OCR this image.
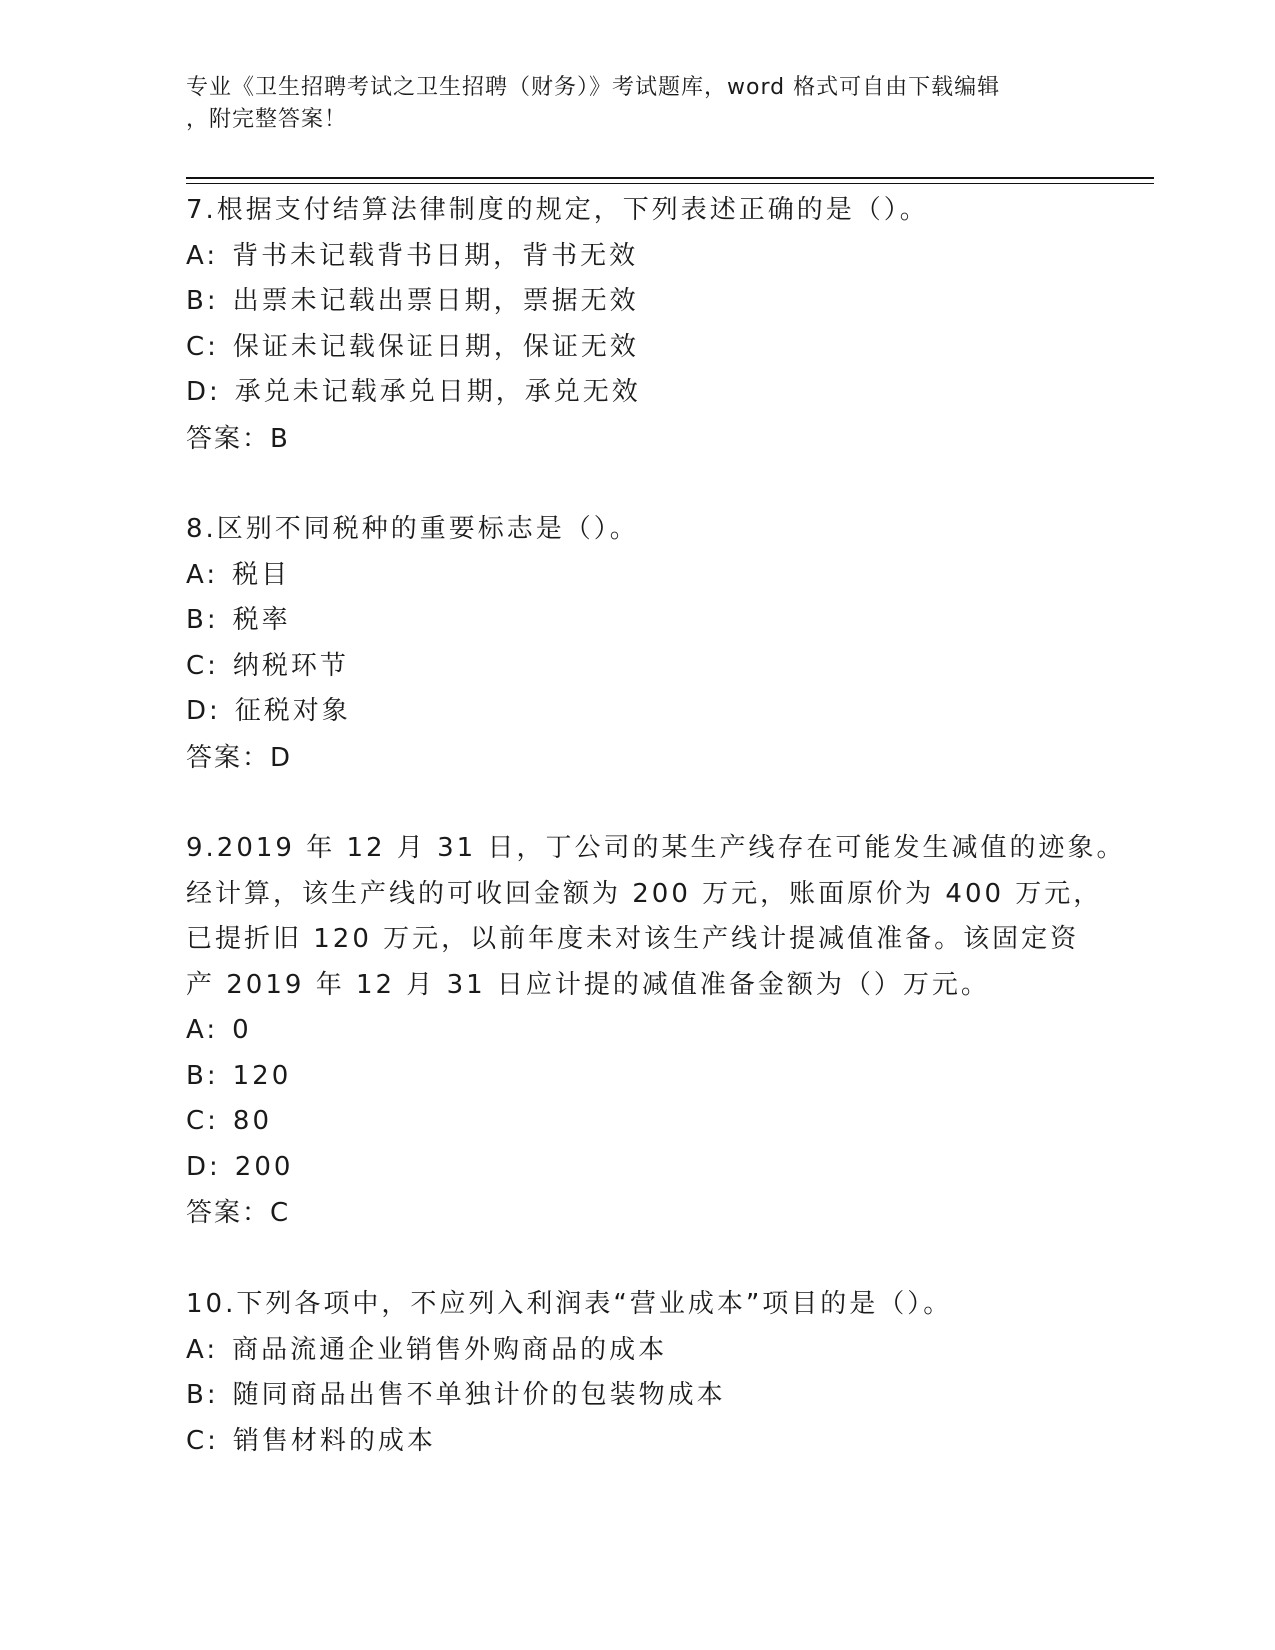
专业《卫生招聘考试之卫生招聘（财务）》考试题库，word 格式可自由下载编辑
，附完整答案！
7.根据支付结算法律制度的规定，下列表述正确的是（）。
A: 背书未记载背书日期，背书无效
B: 出票未记载出票日期，票据无效
C: 保证未记载保证日期，保证无效
D: 承兑未记载承兑日期，承兑无效
答案：B
8.区别不同税种的重要标志是（）。
A: 税目
B: 税率
C: 纳税环节
D: 征税对象
答案：D
9.2019 年 12 月 31 日，丁公司的某生产线存在可能发生减值的迹象。
经计算，该生产线的可收回金额为 200 万元，账面原价为 400 万元，
已提折旧 120 万元，以前年度未对该生产线计提减值准备。该固定资
产 2019 年 12 月 31 日应计提的减值准备金额为（）万元。
A: 0
B: 120
C: 80
D: 200
答案：C
10.下列各项中，不应列入利润表“营业成本”项目的是（）。
A: 商品流通企业销售外购商品的成本
B: 随同商品出售不单独计价的包装物成本
C: 销售材料的成本
